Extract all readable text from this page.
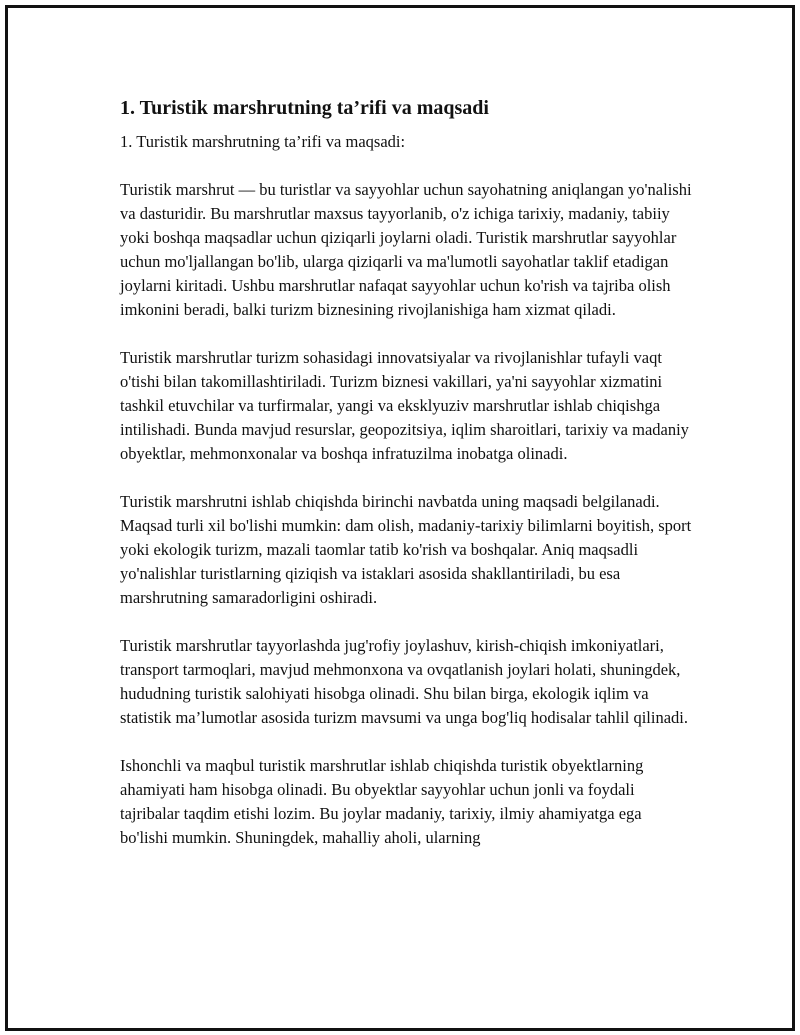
1. Turistik marshrutning ta’rifi va maqsadi

1. Turistik marshrutning ta’rifi va maqsadi:

Turistik marshrut — bu turistlar va sayyohlar uchun sayohatning aniqlangan yo'nalishi va dasturidir. Bu marshrutlar maxsus tayyorlanib, o'z ichiga tarixiy, madaniy, tabiiy yoki boshqa maqsadlar uchun qiziqarli joylarni oladi. Turistik marshrutlar sayyohlar uchun mo'ljallangan bo'lib, ularga qiziqarli va ma'lumotli sayohatlar taklif etadigan joylarni kiritadi. Ushbu marshrutlar nafaqat sayyohlar uchun ko'rish va tajriba olish imkonini beradi, balki turizm biznesining rivojlanishiga ham xizmat qiladi.

Turistik marshrutlar turizm sohasidagi innovatsiyalar va rivojlanishlar tufayli vaqt o'tishi bilan takomillashtiriladi. Turizm biznesi vakillari, ya'ni sayyohlar xizmatini tashkil etuvchilar va turfirmalar, yangi va eksklyuziv marshrutlar ishlab chiqishga intilishadi. Bunda mavjud resurslar, geopozitsiya, iqlim sharoitlari, tarixiy va madaniy obyektlar, mehmonxonalar va boshqa infratuzilma inobatga olinadi.

Turistik marshrutni ishlab chiqishda birinchi navbatda uning maqsadi belgilanadi. Maqsad turli xil bo'lishi mumkin: dam olish, madaniy-tarixiy bilimlarni boyitish, sport yoki ekologik turizm, mazali taomlar tatib ko'rish va boshqalar. Aniq maqsadli yo'nalishlar turistlarning qiziqish va istaklari asosida shakllantiriladi, bu esa marshrutning samaradorligini oshiradi.

Turistik marshrutlar tayyorlashda jug'rofiy joylashuv, kirish-chiqish imkoniyatlari, transport tarmoqlari, mavjud mehmonxona va ovqatlanish joylari holati, shuningdek, hududning turistik salohiyati hisobga olinadi. Shu bilan birga, ekologik iqlim va statistik ma’lumotlar asosida turizm mavsumi va unga bog'liq hodisalar tahlil qilinadi.

Ishonchli va maqbul turistik marshrutlar ishlab chiqishda turistik obyektlarning ahamiyati ham hisobga olinadi. Bu obyektlar sayyohlar uchun jonli va foydali tajribalar taqdim etishi lozim. Bu joylar madaniy, tarixiy, ilmiy ahamiyatga ega bo'lishi mumkin. Shuningdek, mahalliy aholi, ularning
